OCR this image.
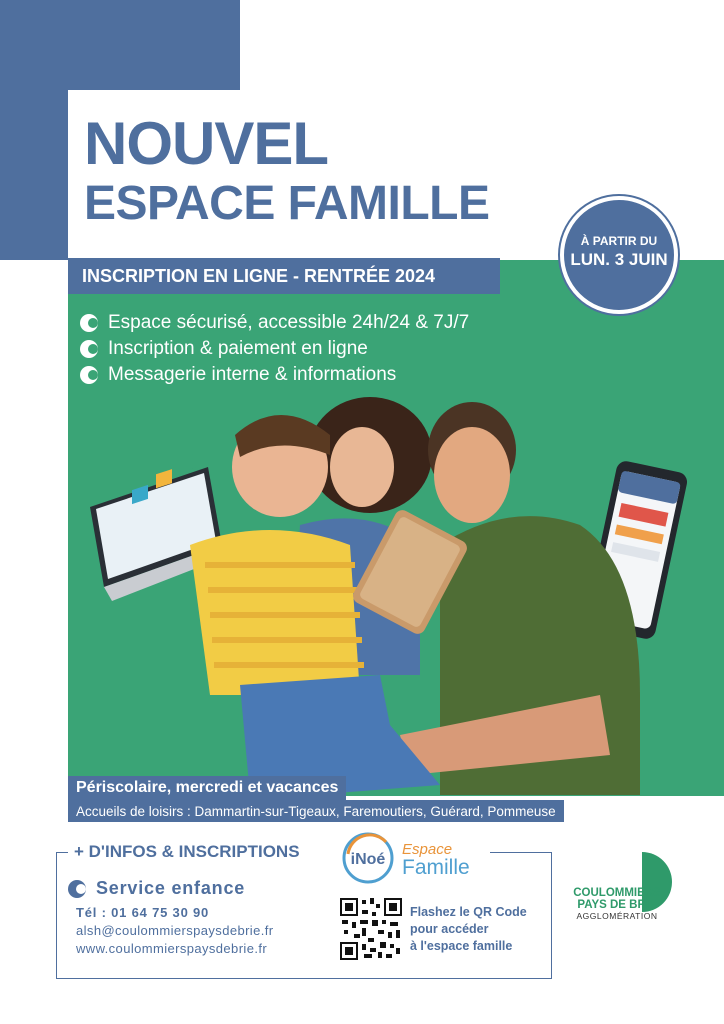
NOUVEL
ESPACE FAMILLE
INSCRIPTION EN LIGNE - RENTRÉE 2024
À PARTIR DU
LUN. 3 JUIN
Espace sécurisé, accessible 24h/24 & 7J/7
Inscription & paiement en ligne
Messagerie interne & informations
Périscolaire, mercredi et vacances
Accueils de loisirs : Dammartin-sur-Tigeaux, Faremoutiers, Guérard, Pommeuse
+ D'INFOS & INSCRIPTIONS
Service enfance
Tél : 01 64 75 30 90
alsh@coulommierspaysdebrie.fr
www.coulommierspaysdebrie.fr
iNoé
Espace
Famille
Flashez le QR Code
pour accéder
à l'espace famille
COULOMMIERS
PAYS DE BRIE
AGGLOMÉRATION
